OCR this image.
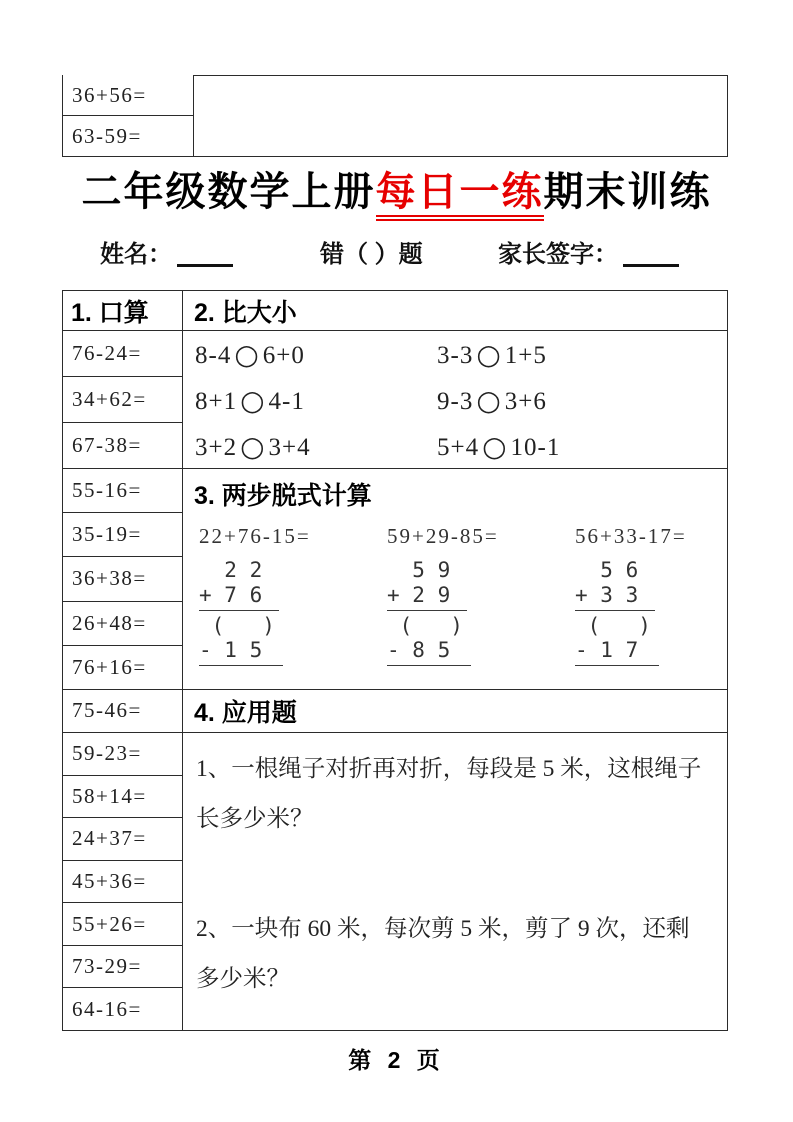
36+56=
63-59=
二年级数学上册每日一练期末训练
姓名：	错（ ）题	家长签字：
1. 口算
76-24=
34+62=
67-38=
55-16=
35-19=
36+38=
26+48=
76+16=
75-46=
59-23=
58+14=
24+37=
45+36=
55+26=
73-29=
64-16=
2. 比大小
8-4 ○ 6+0	3-3 ○ 1+5
8+1 ○ 4-1	9-3 ○ 3+6
3+2 ○ 3+4	5+4 ○ 10-1
3. 两步脱式计算
22+76-15=
2 2
+ 7 6
(   )
- 1 5
59+29-85=
5 9
+ 2 9
(   )
- 8 5
56+33-17=
5 6
+ 3 3
(   )
- 1 7
4. 应用题
1、一根绳子对折再对折，每段是 5 米，这根绳子长多少米？
2、一块布 60 米，每次剪 5 米，剪了 9 次，还剩多少米？
第 2 页
